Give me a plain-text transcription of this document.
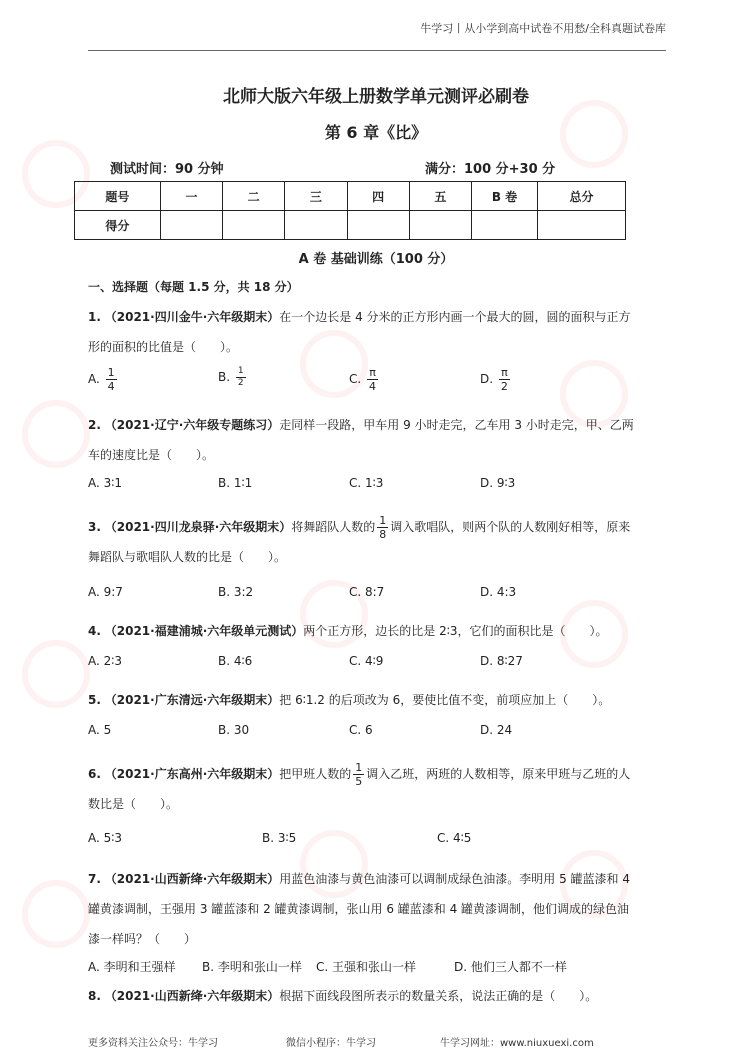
牛学习丨从小学到高中试卷不用愁/全科真题试卷库
北师大版六年级上册数学单元测评必刷卷
第 6 章《比》
测试时间：90 分钟	满分：100 分+30 分
题号	一	二	三	四	五	B 卷	总分
得分							
A 卷 基础训练（100 分）
一、选择题（每题 1.5 分，共 18 分）
1. （2021·四川金牛·六年级期末）在一个边长是 4 分米的正方形内画一个最大的圆，圆的面积与正方
形的面积的比值是（　　）。
A. $\frac{1}{4}$	B. $\frac{1}{2}$	C. $\frac{\pi}{4}$	D. $\frac{\pi}{2}$
2. （2021·辽宁·六年级专题练习）走同样一段路，甲车用 9 小时走完，乙车用 3 小时走完，甲、乙两
车的速度比是（　　）。
A. 3∶1	B. 1∶1	C. 1∶3	D. 9∶3
3. （2021·四川龙泉驿·六年级期末）将舞蹈队人数的 $\frac{1}{8}$ 调入歌唱队，则两个队的人数刚好相等，原来
舞蹈队与歌唱队人数的比是（　　）。
A. 9:7	B. 3:2	C. 8:7	D. 4:3
4. （2021·福建浦城·六年级单元测试）两个正方形，边长的比是 2∶3，它们的面积比是（　　）。
A. 2∶3	B. 4∶6	C. 4∶9	D. 8∶27
5. （2021·广东清远·六年级期末）把 6∶1.2 的后项改为 6，要使比值不变，前项应加上（　　）。
A. 5	B. 30	C. 6	D. 24
6. （2021·广东高州·六年级期末）把甲班人数的 $\frac{1}{5}$ 调入乙班，两班的人数相等，原来甲班与乙班的人
数比是（　　）。
A. 5∶3	B. 3∶5	C. 4∶5
7. （2021·山西新绛·六年级期末）用蓝色油漆与黄色油漆可以调制成绿色油漆。李明用 5 罐蓝漆和 4
罐黄漆调制，王强用 3 罐蓝漆和 2 罐黄漆调制，张山用 6 罐蓝漆和 4 罐黄漆调制，他们调成的绿色油
漆一样吗？（　　）
A. 李明和王强样 B. 李明和张山一样 C. 王强和张山一样	D. 他们三人都不一样
8. （2021·山西新绛·六年级期末）根据下面线段图所表示的数量关系，说法正确的是（　　）。
更多资料关注公众号：牛学习	微信小程序：牛学习	牛学习网址：www.niuxuexi.com
